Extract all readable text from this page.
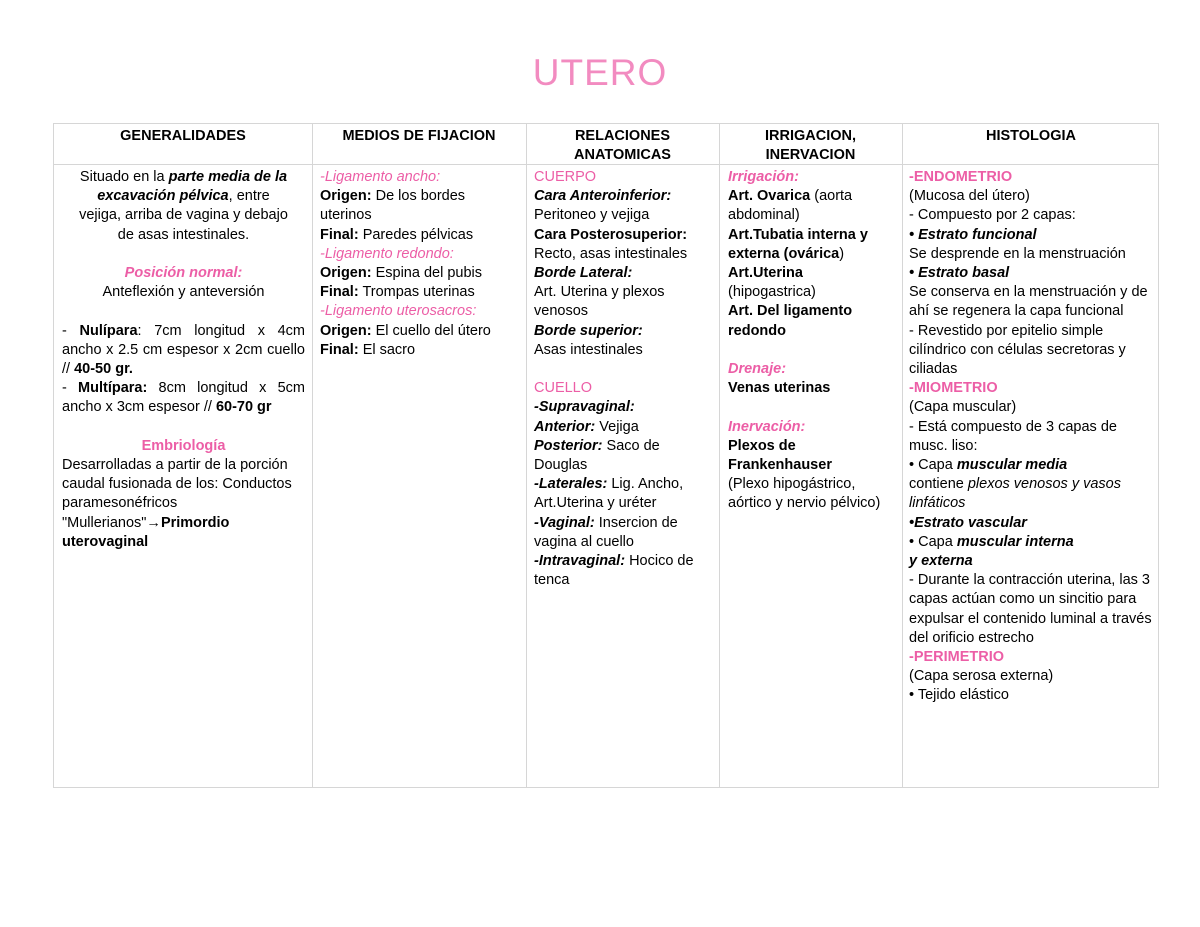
UTERO
GENERALIDADES
Situado en la parte media de la
excavación pélvica, entre
vejiga, arriba de vagina y debajo
de asas intestinales.
Posición normal:
Anteflexión y anteversión
- Nulípara: 7cm longitud x 4cm ancho x 2.5 cm espesor x 2cm cuello // 40-50 gr.
- Multípara: 8cm longitud x 5cm ancho x 3cm espesor // 60-70 gr
Embriología
Desarrolladas a partir de la porción caudal fusionada de los: Conductos paramesonéfricos "Mullerianos"→Primordio uterovaginal
MEDIOS DE FIJACION
-Ligamento ancho:
Origen: De los bordes uterinos
Final: Paredes pélvicas
-Ligamento redondo:
Origen: Espina del pubis
Final: Trompas uterinas
-Ligamento uterosacros:
Origen: El cuello del útero
Final: El sacro
RELACIONES
ANATOMICAS
CUERPO
Cara Anteroinferior:
Peritoneo y vejiga
Cara Posterosuperior:
Recto, asas intestinales
Borde Lateral:
Art. Uterina y plexos venosos
Borde superior:
Asas intestinales
CUELLO
-Supravaginal:
Anterior: Vejiga
Posterior: Saco de Douglas
-Laterales: Lig. Ancho, Art.Uterina y uréter
-Vaginal: Insercion de vagina al cuello
-Intravaginal: Hocico de tenca
IRRIGACION,
INERVACION
Irrigación:
Art. Ovarica (aorta abdominal)
Art.Tubatia interna y externa (ovárica)
Art.Uterina
(hipogastrica)
Art. Del ligamento redondo
Drenaje:
Venas uterinas
Inervación:
Plexos de Frankenhauser
(Plexo hipogástrico, aórtico y nervio pélvico)
HISTOLOGIA
-ENDOMETRIO
(Mucosa del útero)
- Compuesto por 2 capas:
• Estrato funcional
Se desprende en la menstruación
• Estrato basal
Se conserva en la menstruación y de ahí se regenera la capa funcional
- Revestido por epitelio simple cilíndrico con células secretoras y ciliadas
-MIOMETRIO
(Capa muscular)
- Está compuesto de 3 capas de musc. liso:
• Capa muscular media
contiene plexos venosos y vasos linfáticos
•Estrato vascular
• Capa muscular interna
y externa
- Durante la contracción uterina, las 3 capas actúan como un sincitio para expulsar el contenido luminal a través del orificio estrecho
-PERIMETRIO
(Capa serosa externa)
• Tejido elástico
